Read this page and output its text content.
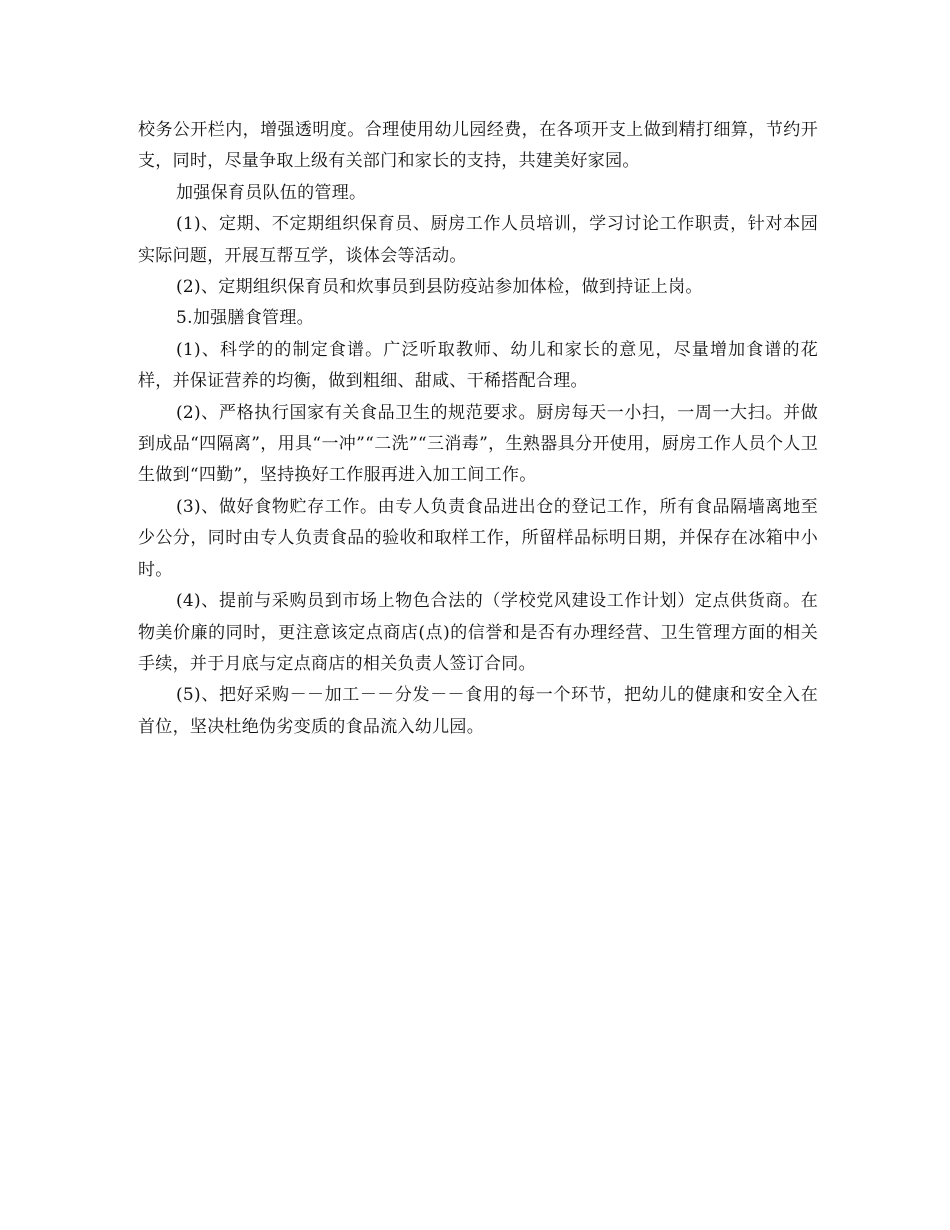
校务公开栏内，增强透明度。合理使用幼儿园经费，在各项开支上做到精打细算，节约开支，同时，尽量争取上级有关部门和家长的支持，共建美好家园。

加强保育员队伍的管理。

(1)、定期、不定期组织保育员、厨房工作人员培训，学习讨论工作职责，针对本园实际问题，开展互帮互学，谈体会等活动。

(2)、定期组织保育员和炊事员到县防疫站参加体检，做到持证上岗。

5.加强膳食管理。

(1)、科学的的制定食谱。广泛听取教师、幼儿和家长的意见，尽量增加食谱的花样，并保证营养的均衡，做到粗细、甜咸、干稀搭配合理。

(2)、严格执行国家有关食品卫生的规范要求。厨房每天一小扫，一周一大扫。并做到成品“四隔离”，用具“一冲”“二洗”“三消毒”，生熟器具分开使用，厨房工作人员个人卫生做到“四勤”，坚持换好工作服再进入加工间工作。

(3)、做好食物贮存工作。由专人负责食品进出仓的登记工作，所有食品隔墙离地至少公分，同时由专人负责食品的验收和取样工作，所留样品标明日期，并保存在冰箱中小时。

(4)、提前与采购员到市场上物色合法的（学校党风建设工作计划）定点供货商。在物美价廉的同时，更注意该定点商店(点)的信誉和是否有办理经营、卫生管理方面的相关手续，并于月底与定点商店的相关负责人签订合同。

(5)、把好采购－－加工－－分发－－食用的每一个环节，把幼儿的健康和安全入在首位，坚决杜绝伪劣变质的食品流入幼儿园。
